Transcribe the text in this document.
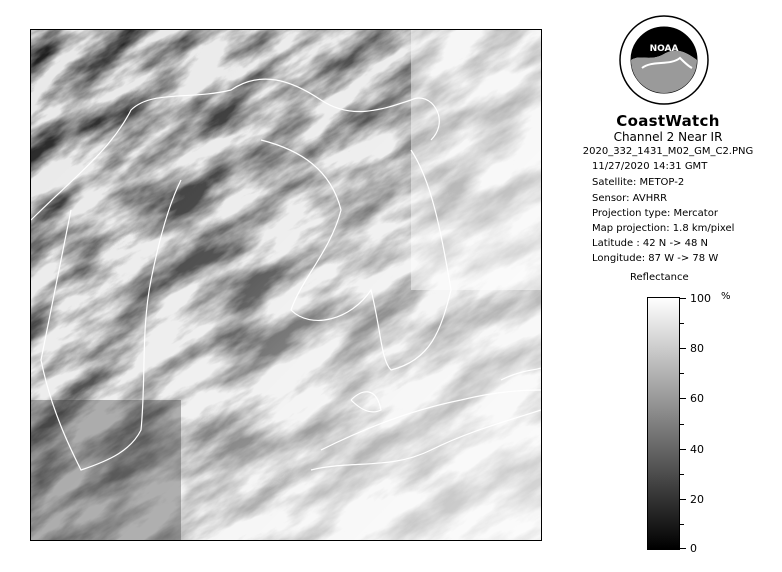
NOAA
CoastWatch
Channel 2 Near IR
2020_332_1431_M02_GM_C2.PNG
11/27/2020 14:31 GMT
Satellite: METOP-2
Sensor: AVHRR
Projection type: Mercator
Map projection: 1.8 km/pixel
Latitude : 42 N -> 48 N
Longitude: 87 W -> 78 W
Reflectance
%
100
80
60
40
20
0
